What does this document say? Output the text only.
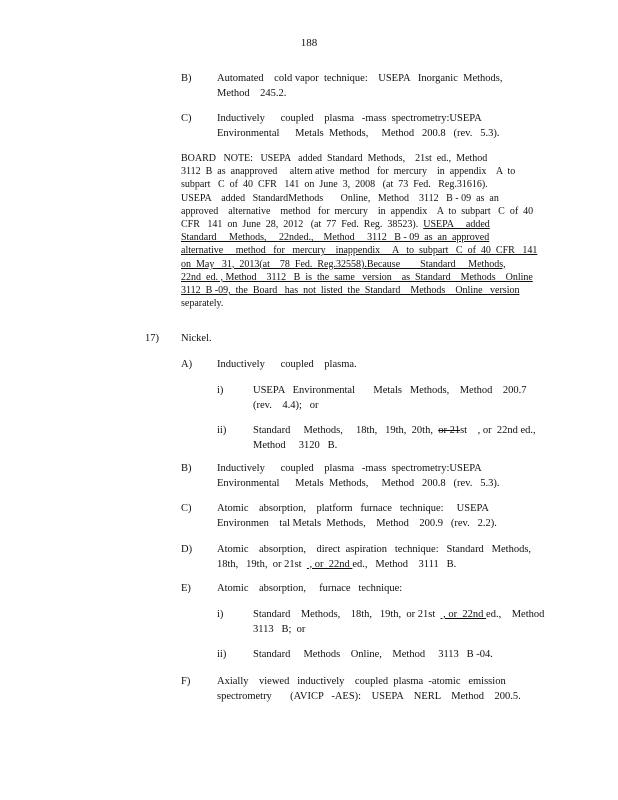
188
B) Automated    cold vapor  technique:    USEPA   Inorganic  Methods,
Method    245.2.
C) Inductively      coupled    plasma   -mass  spectrometry:USEPA
Environmental      Metals  Methods,     Method   200.8   (rev.   5.3).
BOARD   NOTE:   USEPA   added  Standard  Methods,    21st  ed.,  Method
3112  B  as  anapproved     altern ative  method   for  mercury    in  appendix    A  to
subpart   C  of  40  CFR   141  on  June  3,  2008   (at  73  Fed.   Reg.31616).
USEPA    added   StandardMethods       Online,   Method    3112   B - 09  as  an
approved    alternative    method   for  mercury    in  appendix    A  to  subpart   C  of  40
CFR   141  on  June  28,  2012   (at  77  Fed.  Reg.  38523).  USEPA     added
Standard     Methods,     22nded.,    Method     3112   B - 09  as  an  approved
alternative     method   for   mercury    inappendix     A   to  subpart   C  of  40  CFR   141
on  May   31,  2013(at    78  Fed.  Reg.32558).Because        Standard     Methods,
22nd  ed. , Method    3112   B  is  the  same   version    as  Standard    Methods    Online
3112  B -09,  the  Board   has  not  listed  the  Standard    Methods    Online   version
separately.
17) Nickel.
A) Inductively      coupled    plasma.
i)	USEPA   Environmental       Metals   Methods,    Method    200.7
(rev.    4.4);   or
ii)	Standard     Methods,     18th,   19th,  20th,  or 21st    , or  22nd ed.,
Method     3120   B.
B) Inductively      coupled    plasma   -mass  spectrometry:USEPA
Environmental      Metals  Methods,     Method   200.8   (rev.   5.3).
C) Atomic    absorption,    platform   furnace   technique:     USEPA
Environmen    tal Metals  Methods,    Method    200.9   (rev.   2.2).
D) Atomic    absorption,    direct  aspiration   technique:   Standard   Methods,
18th,   19th,  or 21st   , or  22nd ed.,   Method    3111   B.
E) Atomic    absorption,     furnace   technique:
i)	Standard    Methods,    18th,   19th,  or 21st   , or  22nd ed.,    Method
3113   B;  or
ii)	Standard     Methods    Online,    Method     3113   B -04.
F)	Axially    viewed   inductively    coupled  plasma  -atomic   emission
spectrometry       (AVICP   -AES):    USEPA    NERL    Method    200.5.
